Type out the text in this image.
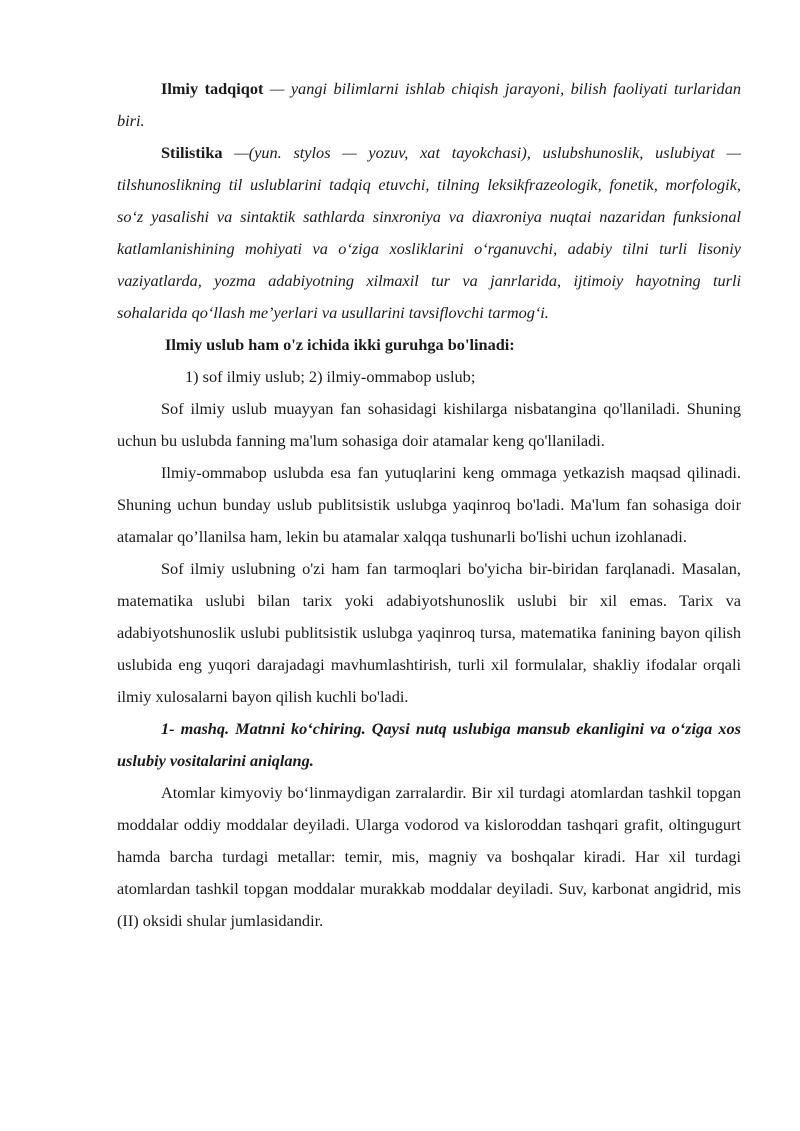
Ilmiy tadqiqot — yangi bilimlarni ishlab chiqish jarayoni, bilish faoliyati turlaridan biri.

Stilistika —(yun. stylos — yozuv, xat tayokchasi), uslubshunoslik, uslubiyat — tilshunoslikning til uslublarini tadqiq etuvchi, tilning leksikfrazeologik, fonetik, morfologik, so‘z yasalishi va sintaktik sathlarda sinxroniya va diaxroniya nuqtai nazaridan funksional katlamlanishining mohiyati va o‘ziga xosliklarini o‘rganuvchi, adabiy tilni turli lisoniy vaziyatlarda, yozma adabiyotning xilmaxil tur va janrlarida, ijtimoiy hayotning turli sohalarida qo‘llash me’yerlari va usullarini tavsiflovchi tarmog‘i.

Ilmiy uslub ham o'z ichida ikki guruhga bo'linadi:

1) sof ilmiy uslub; 2) ilmiy-ommabop uslub;

Sof ilmiy uslub muayyan fan sohasidagi kishilarga nisbatangina qo'llaniladi. Shuning uchun bu uslubda fanning ma'lum sohasiga doir atamalar keng qo'llaniladi.

Ilmiy-ommabop uslubda esa fan yutuqlarini keng ommaga yetkazish maqsad qilinadi. Shuning uchun bunday uslub publitsistik uslubga yaqinroq bo'ladi. Ma'lum fan sohasiga doir atamalar qo’llanilsa ham, lekin bu atamalar xalqqa tushunarli bo'lishi uchun izohlanadi.

Sof ilmiy uslubning o'zi ham fan tarmoqlari bo'yicha bir-biridan farqlanadi. Masalan, matematika uslubi bilan tarix yoki adabiyotshunoslik uslubi bir xil emas. Tarix va adabiyotshunoslik uslubi publitsistik uslubga yaqinroq tursa, matematika fanining bayon qilish uslubida eng yuqori darajadagi mavhumlashtirish, turli xil formulalar, shakliy ifodalar orqali ilmiy xulosalarni bayon qilish kuchli bo'ladi.

1- mashq. Matnni ko‘chiring. Qaysi nutq uslubiga mansub ekanligini va o‘ziga xos uslubiy vositalarini aniqlang.

Atomlar kimyoviy bo‘linmaydigan zarralardir. Bir xil turdagi atomlardan tashkil topgan moddalar oddiy moddalar deyiladi. Ularga vodorod va kisloroddan tashqari grafit, oltingugurt hamda barcha turdagi metallar: temir, mis, magniy va boshqalar kiradi. Har xil turdagi atomlardan tashkil topgan moddalar murakkab moddalar deyiladi. Suv, karbonat angidrid, mis (II) oksidi shular jumlasidandir.
